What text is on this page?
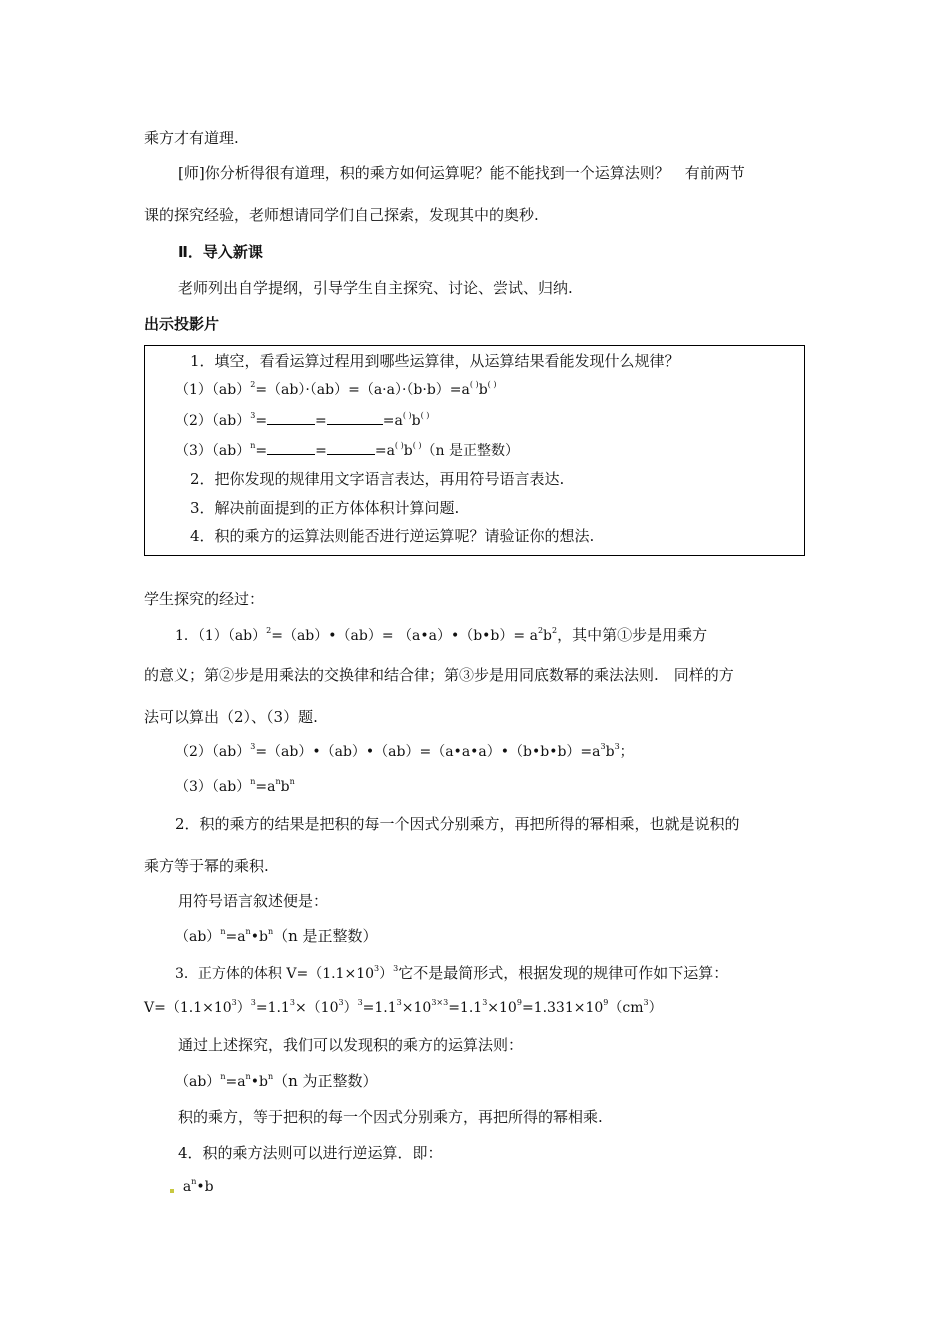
乘方才有道理.
[师]你分析得很有道理，积的乘方如何运算呢？能不能找到一个运算法则？　有前两节
课的探究经验，老师想请同学们自己探索，发现其中的奥秒.
Ⅱ．导入新课
老师列出自学提纲，引导学生自主探究、讨论、尝试、归纳.
出示投影片
1．填空，看看运算过程用到哪些运算律，从运算结果看能发现什么规律？
（1）（ab）$^2$=（ab）·（ab）=（a·a）·（b·b）=a( )b( )
（2）（ab）$^3$=	=	=a( )b( )
（3）（ab）$^n$=	=	=a( )b( )（n 是正整数）
2．把你发现的规律用文字语言表达，再用符号语言表达.
3．解决前面提到的正方体体积计算问题.
4．积的乘方的运算法则能否进行逆运算呢？请验证你的想法.
学生探究的经过：
1．（1）（ab）$^2$=（ab）•（ab）= （a•a）•（b•b）= $a^2b^2$，其中第①步是用乘方
的意义；第②步是用乘法的交换律和结合律；第③步是用同底数幂的乘法法则.　同样的方
法可以算出（2）、（3）题.
$(2)(ab)^3=(ab)•(ab)•(ab)=(a•a•a)•(b•b•b)=a^3b^3$；
$(3)(ab)^n=a^nb^n$
2．积的乘方的结果是把积的每一个因式分别乘方，再把所得的幂相乘，也就是说积的
乘方等于幂的乘积.
用符号语言叙述便是：
$(ab)^n=a^n•b^n(n$ 是正整数）
3．正方体的体积 $V=(1.1\times 10^3)^3$它不是最简形式，根据发现的规律可作如下运算：
$V=(1.1\times 10^3)^3=1.1^3\times(10^3)^3=1.1^3\times 10^{3\times 3}=1.1^3\times 10^9=1.331\times 10^9(cm^3)$
通过上述探究，我们可以发现积的乘方的运算法则：
$(ab)^n=a^n•b^n(n$ 为正整数）
积的乘方，等于把积的每一个因式分别乘方，再把所得的幂相乘.
4．积的乘方法则可以进行逆运算．即：
$a^n•b$
